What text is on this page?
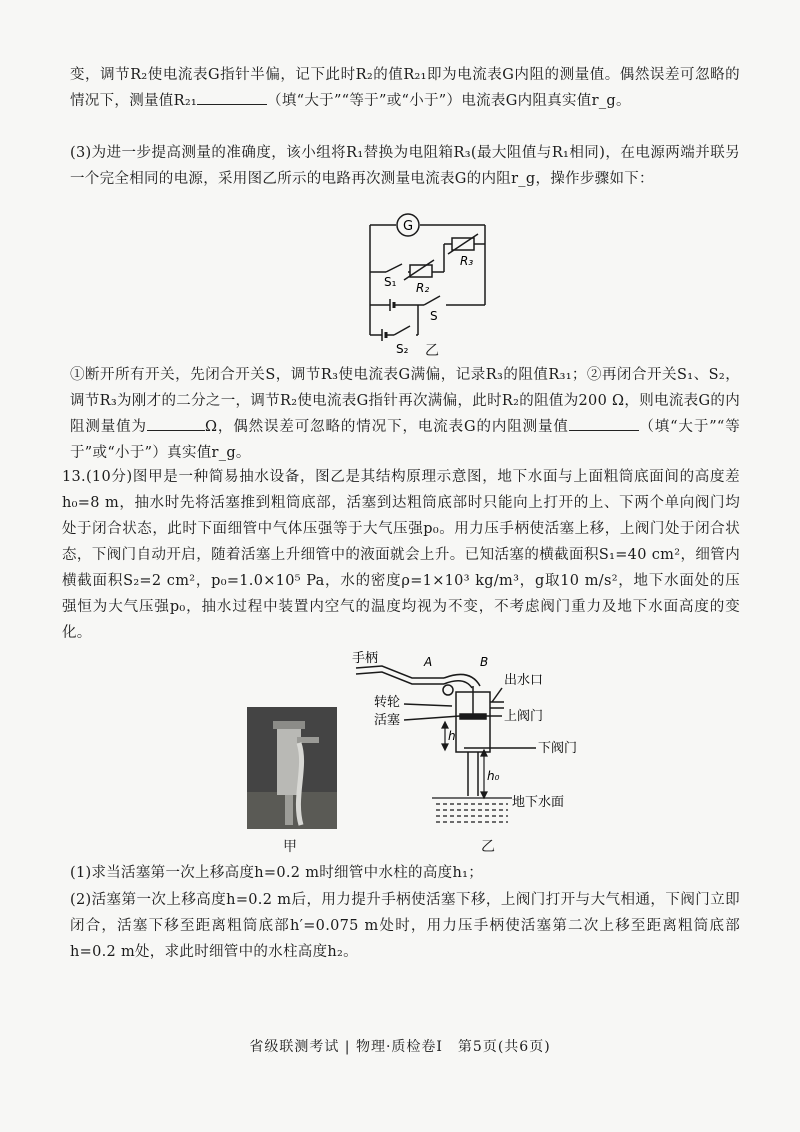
变，调节R₂使电流表G指针半偏，记下此时R₂的值R₂₁即为电流表G内阻的测量值。偶然误差可忽略的情况下，测量值R₂₁	（填“大于”“等于”或“小于”）电流表G内阻真实值r_g。
(3)为进一步提高测量的准确度，该小组将R₁替换为电阻箱R₃(最大阻值与R₁相同)，在电源两端并联另一个完全相同的电源，采用图乙所示的电路再次测量电流表G的内阻r_g，操作步骤如下：
G
R₃
R₂
S₁
S
S₂ 乙
①断开所有开关，先闭合开关S，调节R₃使电流表G满偏，记录R₃的阻值R₃₁；②再闭合开关S₁、S₂，调节R₃为刚才的二分之一，调节R₂使电流表G指针再次满偏，此时R₂的阻值为200 Ω，则电流表G的内阻测量值为	Ω，偶然误差可忽略的情况下，电流表G的内阻测量值	（填“大于”“等于”或“小于”）真实值r_g。
13.(10分)图甲是一种简易抽水设备，图乙是其结构原理示意图，地下水面与上面粗筒底面间的高度差h₀=8 m，抽水时先将活塞推到粗筒底部，活塞到达粗筒底部时只能向上打开的上、下两个单向阀门均处于闭合状态，此时下面细管中气体压强等于大气压强p₀。用力压手柄使活塞上移，上阀门处于闭合状态，下阀门自动开启，随着活塞上升细管中的液面就会上升。已知活塞的横截面积S₁=40 cm²，细管内横截面积S₂=2 cm²，p₀=1.0×10⁵ Pa，水的密度ρ=1×10³ kg/m³，g取10 m/s²，地下水面处的压强恒为大气压强p₀，抽水过程中装置内空气的温度均视为不变，不考虑阀门重力及地下水面高度的变化。
甲
手柄	A	B
出水口
转轮
活塞	上阀门
下阀门
h
h₀
地下水面
乙
(1)求当活塞第一次上移高度h=0.2 m时细管中水柱的高度h₁；
(2)活塞第一次上移高度h=0.2 m后，用力提升手柄使活塞下移，上阀门打开与大气相通，下阀门立即闭合，活塞下移至距离粗筒底部h′=0.075 m处时，用力压手柄使活塞第二次上移至距离粗筒底部h=0.2 m处，求此时细管中的水柱高度h₂。
省级联测考试 | 物理·质检卷Ⅰ　第5页(共6页)
